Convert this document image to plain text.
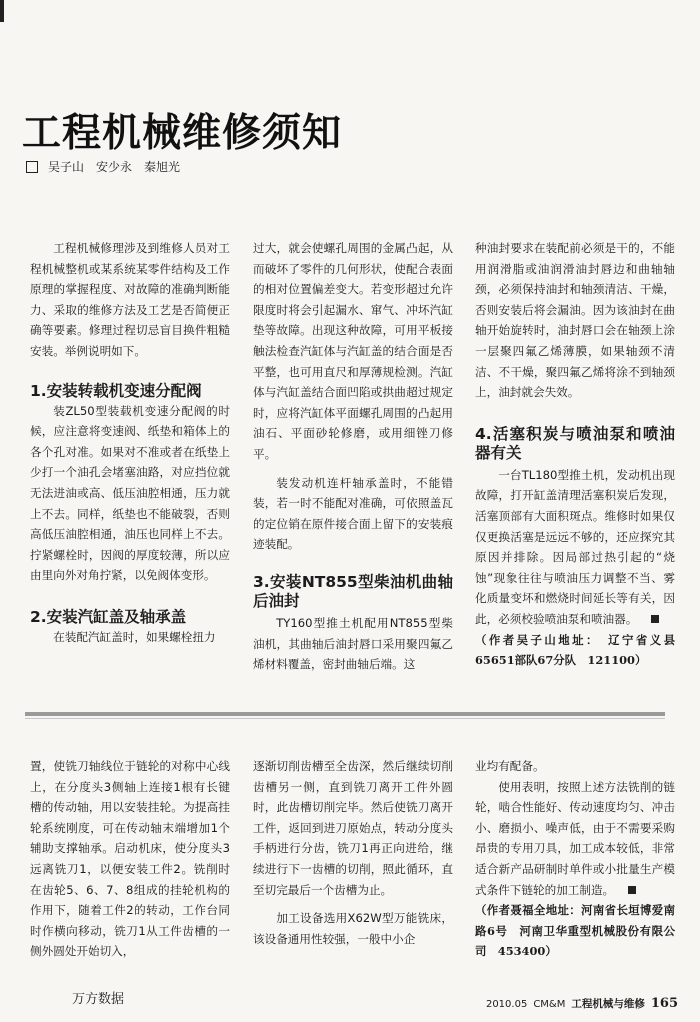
工程机械维修须知
吴子山　安少永　秦旭光

工程机械修理涉及到维修人员对工程机械整机或某系统某零件结构及工作原理的掌握程度、对故障的准确判断能力、采取的维修方法及工艺是否简便正确等要素。修理过程切忌盲目换件粗糙安装。举例说明如下。

1.安装转载机变速分配阀

装ZL50型装载机变速分配阀的时候，应注意将变速阀、纸垫和箱体上的各个孔对准。如果对不准或者在纸垫上少打一个油孔会堵塞油路，对应挡位就无法进油或高、低压油腔相通，压力就上不去。同样，纸垫也不能破裂，否则高低压油腔相通，油压也同样上不去。拧紧螺栓时，因阀的厚度较薄，所以应由里向外对角拧紧，以免阀体变形。

2.安装汽缸盖及轴承盖

在装配汽缸盖时，如果螺栓扭力

过大，就会使螺孔周围的金属凸起，从而破坏了零件的几何形状，使配合表面的相对位置偏差变大。若变形超过允许限度时将会引起漏水、窜气、冲坏汽缸垫等故障。出现这种故障，可用平板接触法检查汽缸体与汽缸盖的结合面是否平整，也可用直尺和厚薄规检测。汽缸体与汽缸盖结合面凹陷或拱曲超过规定时，应将汽缸体平面螺孔周围的凸起用油石、平面砂轮修磨，或用细锉刀修平。

装发动机连杆轴承盖时，不能错装，若一时不能配对准确，可依照盖瓦的定位销在原件接合面上留下的安装痕迹装配。

3.安装NT855型柴油机曲轴后油封

TY160型推土机配用NT855型柴油机，其曲轴后油封唇口采用聚四氟乙烯材料覆盖，密封曲轴后端。这

种油封要求在装配前必须是干的，不能用润滑脂或油润滑油封唇边和曲轴轴颈，必须保持油封和轴颈清洁、干燥，否则安装后将会漏油。因为该油封在曲轴开始旋转时，油封唇口会在轴颈上涂一层聚四氟乙烯薄膜，如果轴颈不清洁、不干燥，聚四氟乙烯将涂不到轴颈上，油封就会失效。

4.活塞积炭与喷油泵和喷油器有关

一台TL180型推土机，发动机出现故障，打开缸盖清理活塞积炭后发现，活塞顶部有大面积斑点。维修时如果仅仅更换活塞是远远不够的，还应探究其原因并排除。因局部过热引起的“烧蚀”现象往往与喷油压力调整不当、雾化质量变坏和燃烧时间延长等有关，因此，必须校验喷油泵和喷油器。

（作者吴子山地址：　辽宁省义县65651部队67分队　121100）

置，使铣刀轴线位于链轮的对称中心线上，在分度头3侧轴上连接1根有长键槽的传动轴，用以安装挂轮。为提高挂轮系统刚度，可在传动轴末端增加1个辅助支撑轴承。启动机床，使分度头3远离铣刀1，以便安装工件2。铣削时在齿轮5、6、7、8组成的挂轮机构的作用下，随着工件2的转动，工作台同时作横向移动，铣刀1从工件齿槽的一侧外圆处开始切入，

逐渐切削齿槽至全齿深，然后继续切削齿槽另一侧，直到铣刀离开工件外圆时，此齿槽切削完毕。然后使铣刀离开工件，返回到进刀原始点，转动分度头手柄进行分齿，铣刀1再正向进给，继续进行下一齿槽的切削，照此循环，直至切完最后一个齿槽为止。

加工设备选用X62W型万能铣床，该设备通用性较强，一般中小企

业均有配备。

使用表明，按照上述方法铣削的链轮，啮合性能好、传动速度均匀、冲击小、磨损小、噪声低，由于不需要采购昂贵的专用刀具，加工成本较低，非常适合新产品研制时单件或小批量生产模式条件下链轮的加工制造。

（作者聂福全地址：河南省长垣博爱南路6号　河南卫华重型机械股份有限公司　453400）

万方数据	2010.05 CM&M 工程机械与维修 165
